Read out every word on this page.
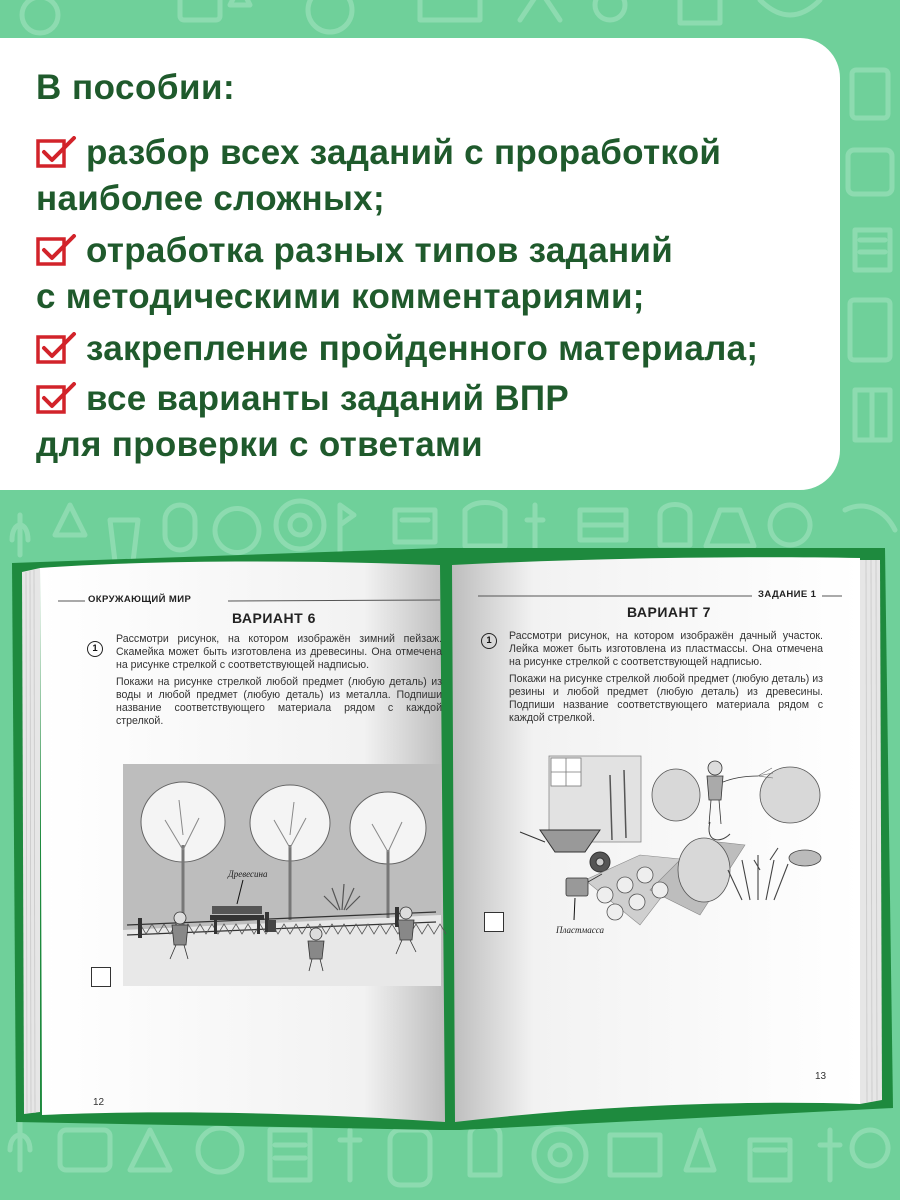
В пособии:
разбор всех заданий с проработкой
наиболее сложных;
отработка разных типов заданий
с методическими комментариями;
закрепление пройденного материала;
все варианты заданий ВПР
для проверки с ответами
ОКРУЖАЮЩИЙ МИР
ВАРИАНТ 6
1

Рассмотри рисунок, на котором изображён зимний пейзаж. Скамейка может быть изготовлена из древесины. Она отмечена на рисунке стрелкой с соответствующей надписью.

Покажи на рисунке стрелкой любой предмет (любую деталь) из воды и любой предмет (любую деталь) из металла. Подпиши название соответствующего материала рядом с каждой стрелкой.

Древесина
12
ЗАДАНИЕ 1
ВАРИАНТ 7
1	Рассмотри рисунок, на котором изображён дачный участок. Лейка может быть изготовлена из пластмассы. Она отмечена на рисунке стрелкой с соответствующей надписью.

Покажи на рисунке стрелкой любой предмет (любую деталь) из резины и любой предмет (любую деталь) из древесины. Подпиши название соответствующего материала рядом с каждой стрелкой.

Пластмасса
13
